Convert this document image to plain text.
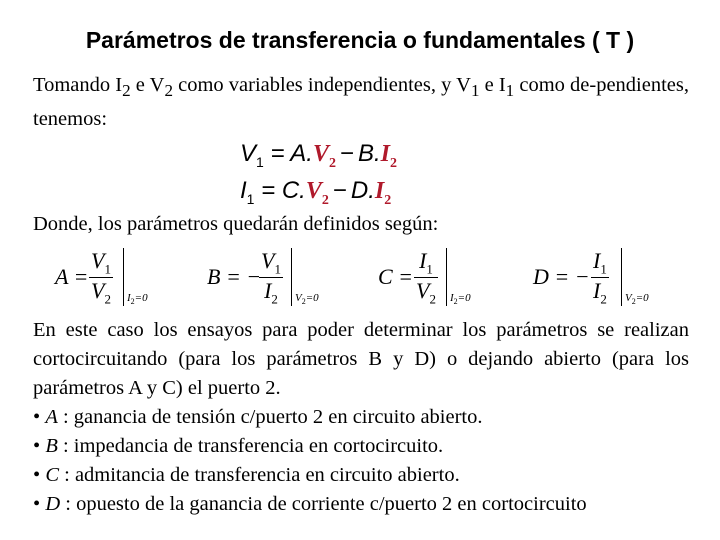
Parámetros de transferencia o fundamentales ( T )
Tomando $I_2$ e $V_2$ como variables independientes, y $V_1$ e $I_1$ como de-pendientes, tenemos:
$V_1 = A.V_2 - B.I_2$
$I_1 = C.V_2 - D.I_2$
Donde, los parámetros quedarán definidos según:
$A = \frac{V_1}{V_2} I_2=0$
B = −
$\frac{V_1}{I_2} V_2=0$
$C = \frac{I_1}{V_2} I_2=0$
D = − $\frac{I_1}{I_2} V_2=0$
En este caso los ensayos para poder determinar los parámetros se realizan cortocircuitando (para los parámetros B y D) o dejando abierto (para los parámetros A y C) el puerto 2.
• A : ganancia de tensión c/puerto 2 en circuito abierto.
• B : impedancia de transferencia en cortocircuito.
• C : admitancia de transferencia en circuito abierto.
• D : opuesto de la ganancia de corriente c/puerto 2 en cortocircuito
